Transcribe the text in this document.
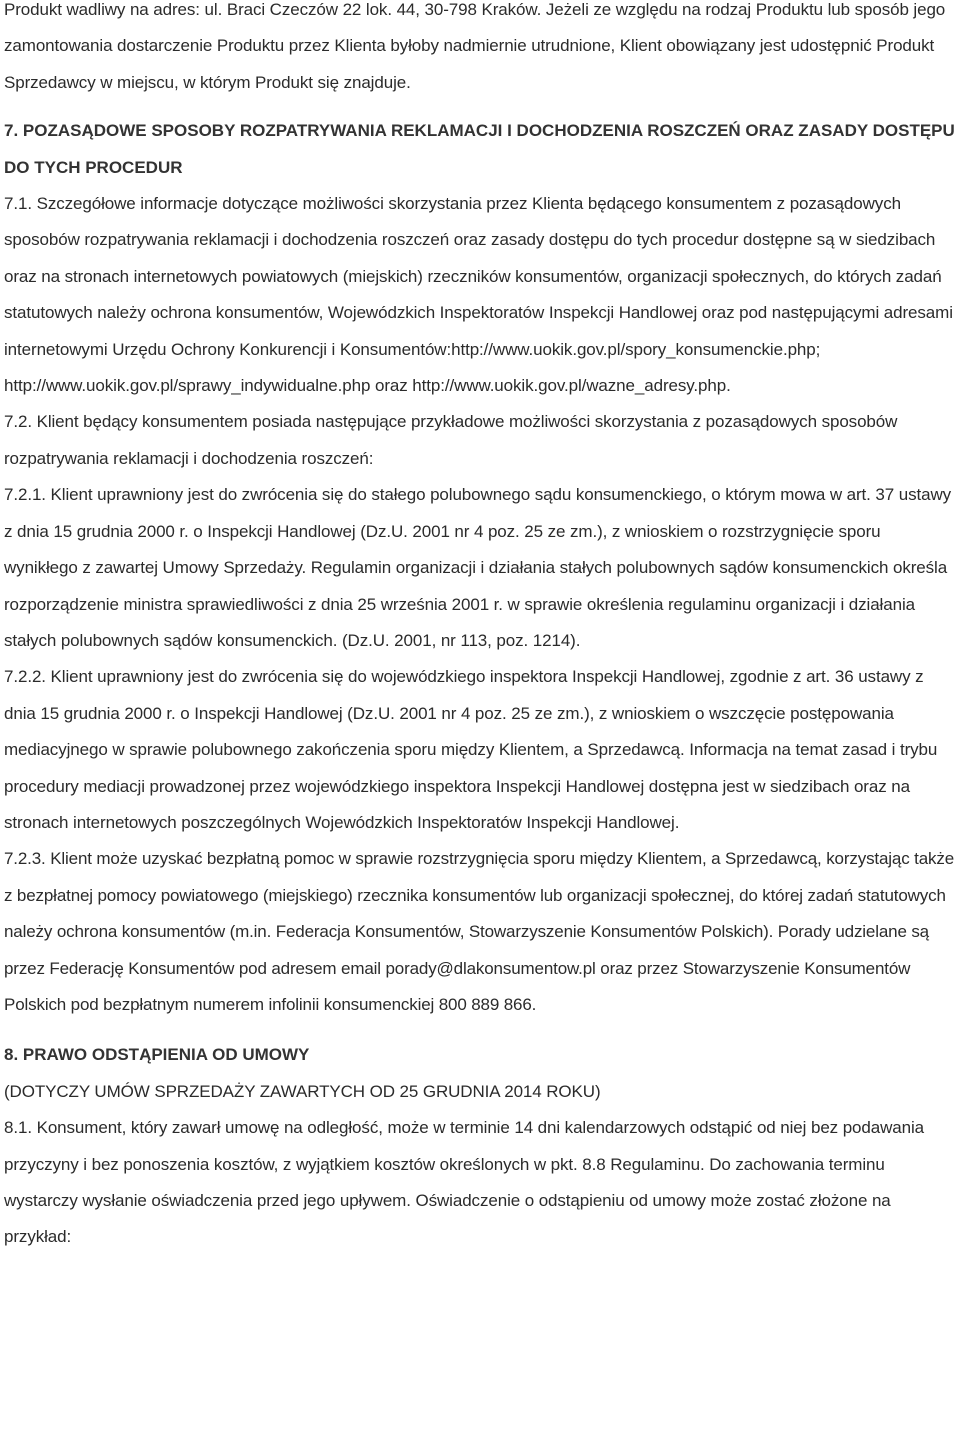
Produkt wadliwy na adres: ul. Braci Czeczów 22 lok. 44, 30-798 Kraków. Jeżeli ze względu na rodzaj Produktu lub sposób jego zamontowania dostarczenie Produktu przez Klienta byłoby nadmiernie utrudnione, Klient obowiązany jest udostępnić Produkt Sprzedawcy w miejscu, w którym Produkt się znajduje.

7. POZASĄDOWE SPOSOBY ROZPATRYWANIA REKLAMACJI I DOCHODZENIA ROSZCZEŃ ORAZ ZASADY DOSTĘPU DO TYCH PROCEDUR

7.1. Szczegółowe informacje dotyczące możliwości skorzystania przez Klienta będącego konsumentem z pozasądowych sposobów rozpatrywania reklamacji i dochodzenia roszczeń oraz zasady dostępu do tych procedur dostępne są w siedzibach oraz na stronach internetowych powiatowych (miejskich) rzeczników konsumentów, organizacji społecznych, do których zadań statutowych należy ochrona konsumentów, Wojewódzkich Inspektoratów Inspekcji Handlowej oraz pod następującymi adresami internetowymi Urzędu Ochrony Konkurencji i Konsumentów:http://www.uokik.gov.pl/spory_konsumenckie.php; http://www.uokik.gov.pl/sprawy_indywidualne.php oraz http://www.uokik.gov.pl/wazne_adresy.php.

7.2. Klient będący konsumentem posiada następujące przykładowe możliwości skorzystania z pozasądowych sposobów rozpatrywania reklamacji i dochodzenia roszczeń:

7.2.1. Klient uprawniony jest do zwrócenia się do stałego polubownego sądu konsumenckiego, o którym mowa w art. 37 ustawy z dnia 15 grudnia 2000 r. o Inspekcji Handlowej (Dz.U. 2001 nr 4 poz. 25 ze zm.), z wnioskiem o rozstrzygnięcie sporu wynikłego z zawartej Umowy Sprzedaży. Regulamin organizacji i działania stałych polubownych sądów konsumenckich określa rozporządzenie ministra sprawiedliwości z dnia 25 września 2001 r. w sprawie określenia regulaminu organizacji i działania stałych polubownych sądów konsumenckich. (Dz.U. 2001, nr 113, poz. 1214).

7.2.2. Klient uprawniony jest do zwrócenia się do wojewódzkiego inspektora Inspekcji Handlowej, zgodnie z art. 36 ustawy z dnia 15 grudnia 2000 r. o Inspekcji Handlowej (Dz.U. 2001 nr 4 poz. 25 ze zm.), z wnioskiem o wszczęcie postępowania mediacyjnego w sprawie polubownego zakończenia sporu między Klientem, a Sprzedawcą. Informacja na temat zasad i trybu procedury mediacji prowadzonej przez wojewódzkiego inspektora Inspekcji Handlowej dostępna jest w siedzibach oraz na stronach internetowych poszczególnych Wojewódzkich Inspektoratów Inspekcji Handlowej.

7.2.3. Klient może uzyskać bezpłatną pomoc w sprawie rozstrzygnięcia sporu między Klientem, a Sprzedawcą, korzystając także z bezpłatnej pomocy powiatowego (miejskiego) rzecznika konsumentów lub organizacji społecznej, do której zadań statutowych należy ochrona konsumentów (m.in. Federacja Konsumentów, Stowarzyszenie Konsumentów Polskich). Porady udzielane są przez Federację Konsumentów pod adresem email porady@dlakonsumentow.pl oraz przez Stowarzyszenie Konsumentów Polskich pod bezpłatnym numerem infolinii konsumenckiej 800 889 866.

8. PRAWO ODSTĄPIENIA OD UMOWY

(DOTYCZY UMÓW SPRZEDAŻY ZAWARTYCH OD 25 GRUDNIA 2014 ROKU)

8.1. Konsument, który zawarł umowę na odległość, może w terminie 14 dni kalendarzowych odstąpić od niej bez podawania przyczyny i bez ponoszenia kosztów, z wyjątkiem kosztów określonych w pkt. 8.8 Regulaminu. Do zachowania terminu wystarczy wysłanie oświadczenia przed jego upływem. Oświadczenie o odstąpieniu od umowy może zostać złożone na przykład:
